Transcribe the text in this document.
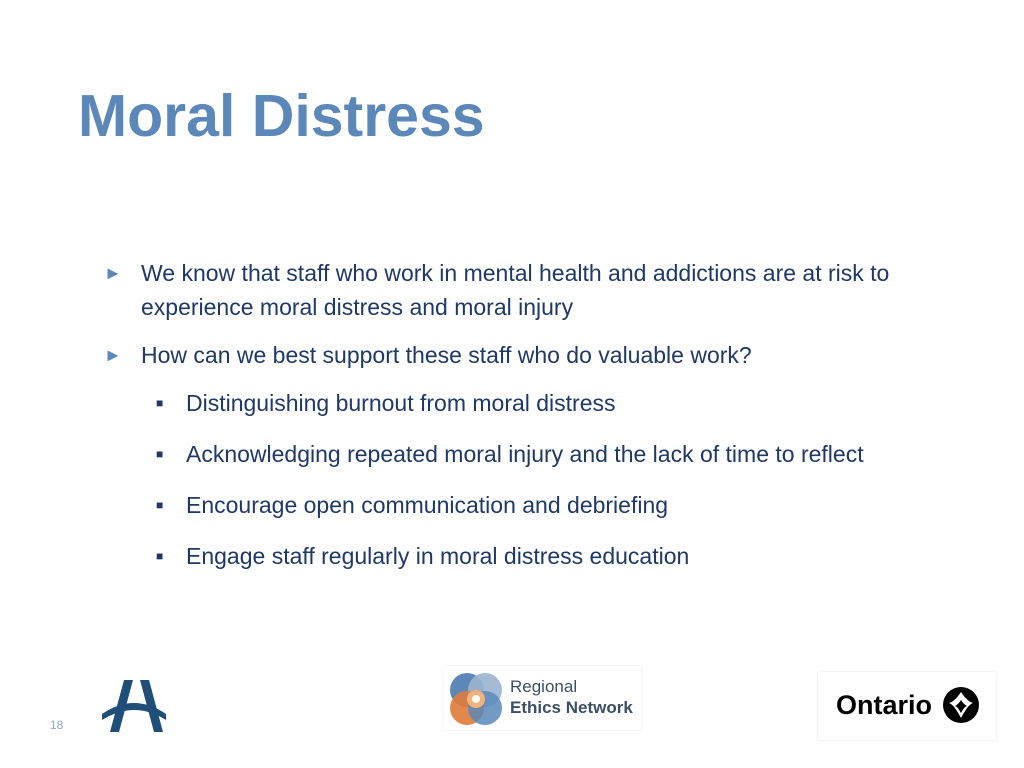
Moral Distress
► We know that staff who work in mental health and addictions are at risk to experience moral distress and moral injury
► How can we best support these staff who do valuable work?
■ Distinguishing burnout from moral distress
■ Acknowledging repeated moral injury and the lack of time to reflect
■ Encourage open communication and debriefing
■ Engage staff regularly in moral distress education
18
Regional
Ethics Network	Ontario
